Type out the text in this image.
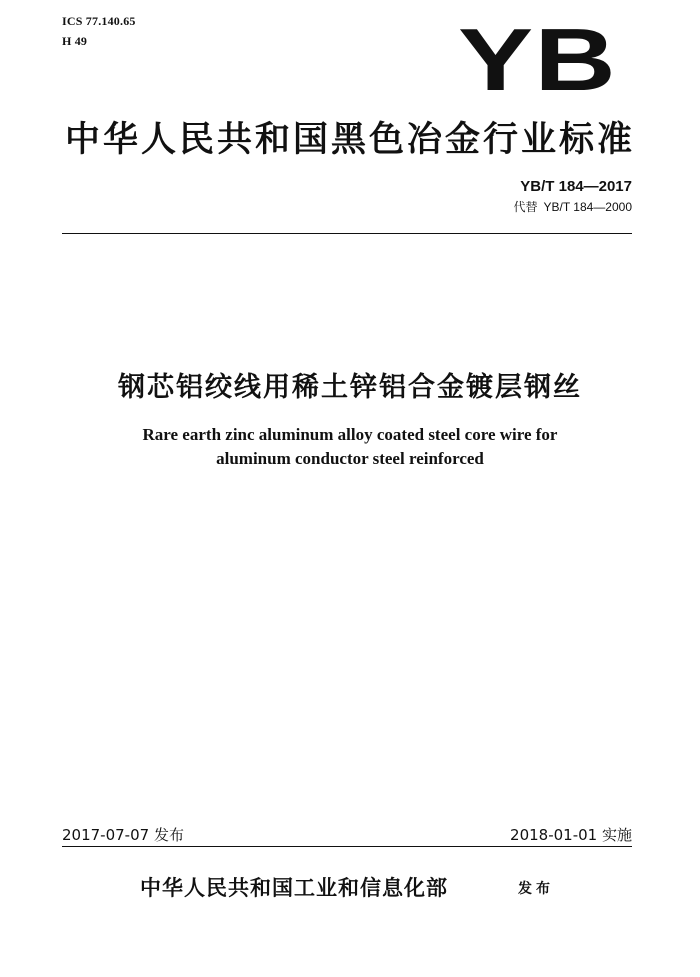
ICS 77.140.65
H 49	YB
中华人民共和国黑色冶金行业标准
YB/T 184—2017
代替 YB/T 184—2000
钢芯铝绞线用稀土锌铝合金镀层钢丝
Rare earth zinc aluminum alloy coated steel core wire for
aluminum conductor steel reinforced
2017-07-07 发布	2018-01-01 实施
中华人民共和国工业和信息化部	发布
